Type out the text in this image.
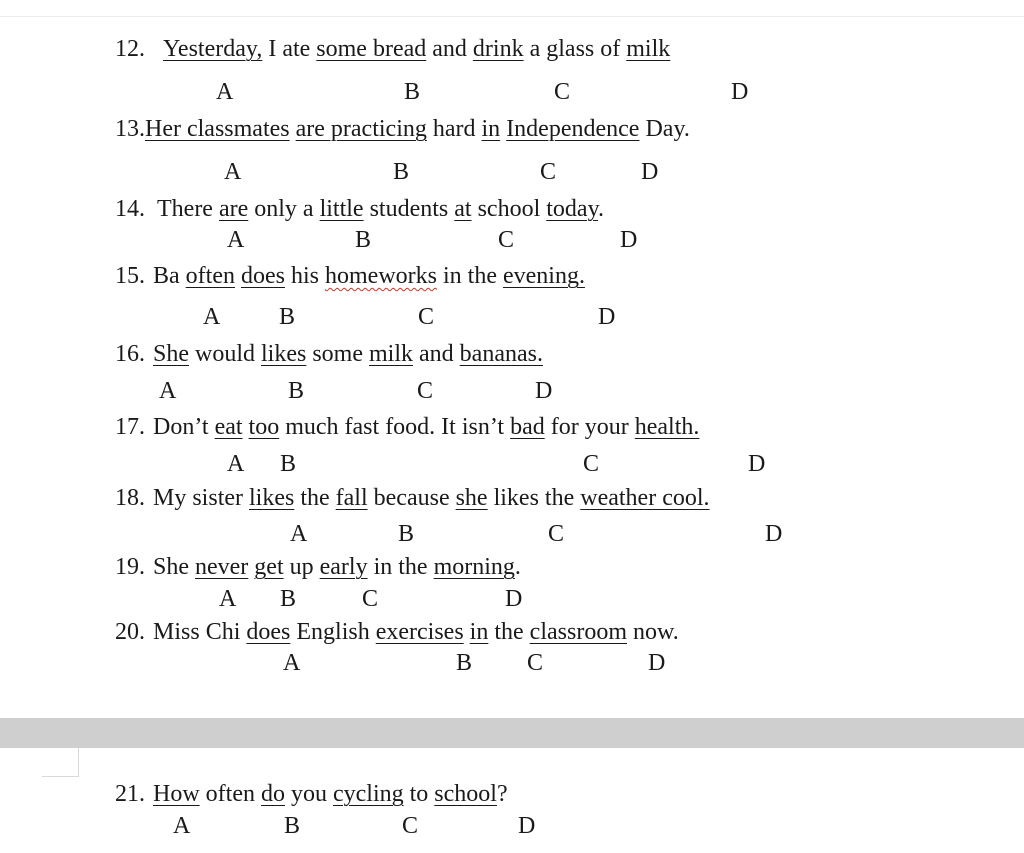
12. Yesterday, I ate some bread and drink a glass of milk
A	B	C	D
13.Her classmates are practicing hard in Independence Day.
A	B	C	D
14. There are only a little students at school today.
A	B	C	D
15. Ba often does his homeworks in the evening.
A B	C	D
16. She would likes some milk and bananas.
A	B	C	D
17. Don’t eat too much fast food. It isn’t bad for your health.
A B	C	D
18. My sister likes the fall because she likes the weather cool.
A	B	C	D
19. She never get up early in the morning.
A B	C	D
20. Miss Chi does English exercises in the classroom now.
A	B C	D
21. How often do you cycling to school?
A	B	C	D
